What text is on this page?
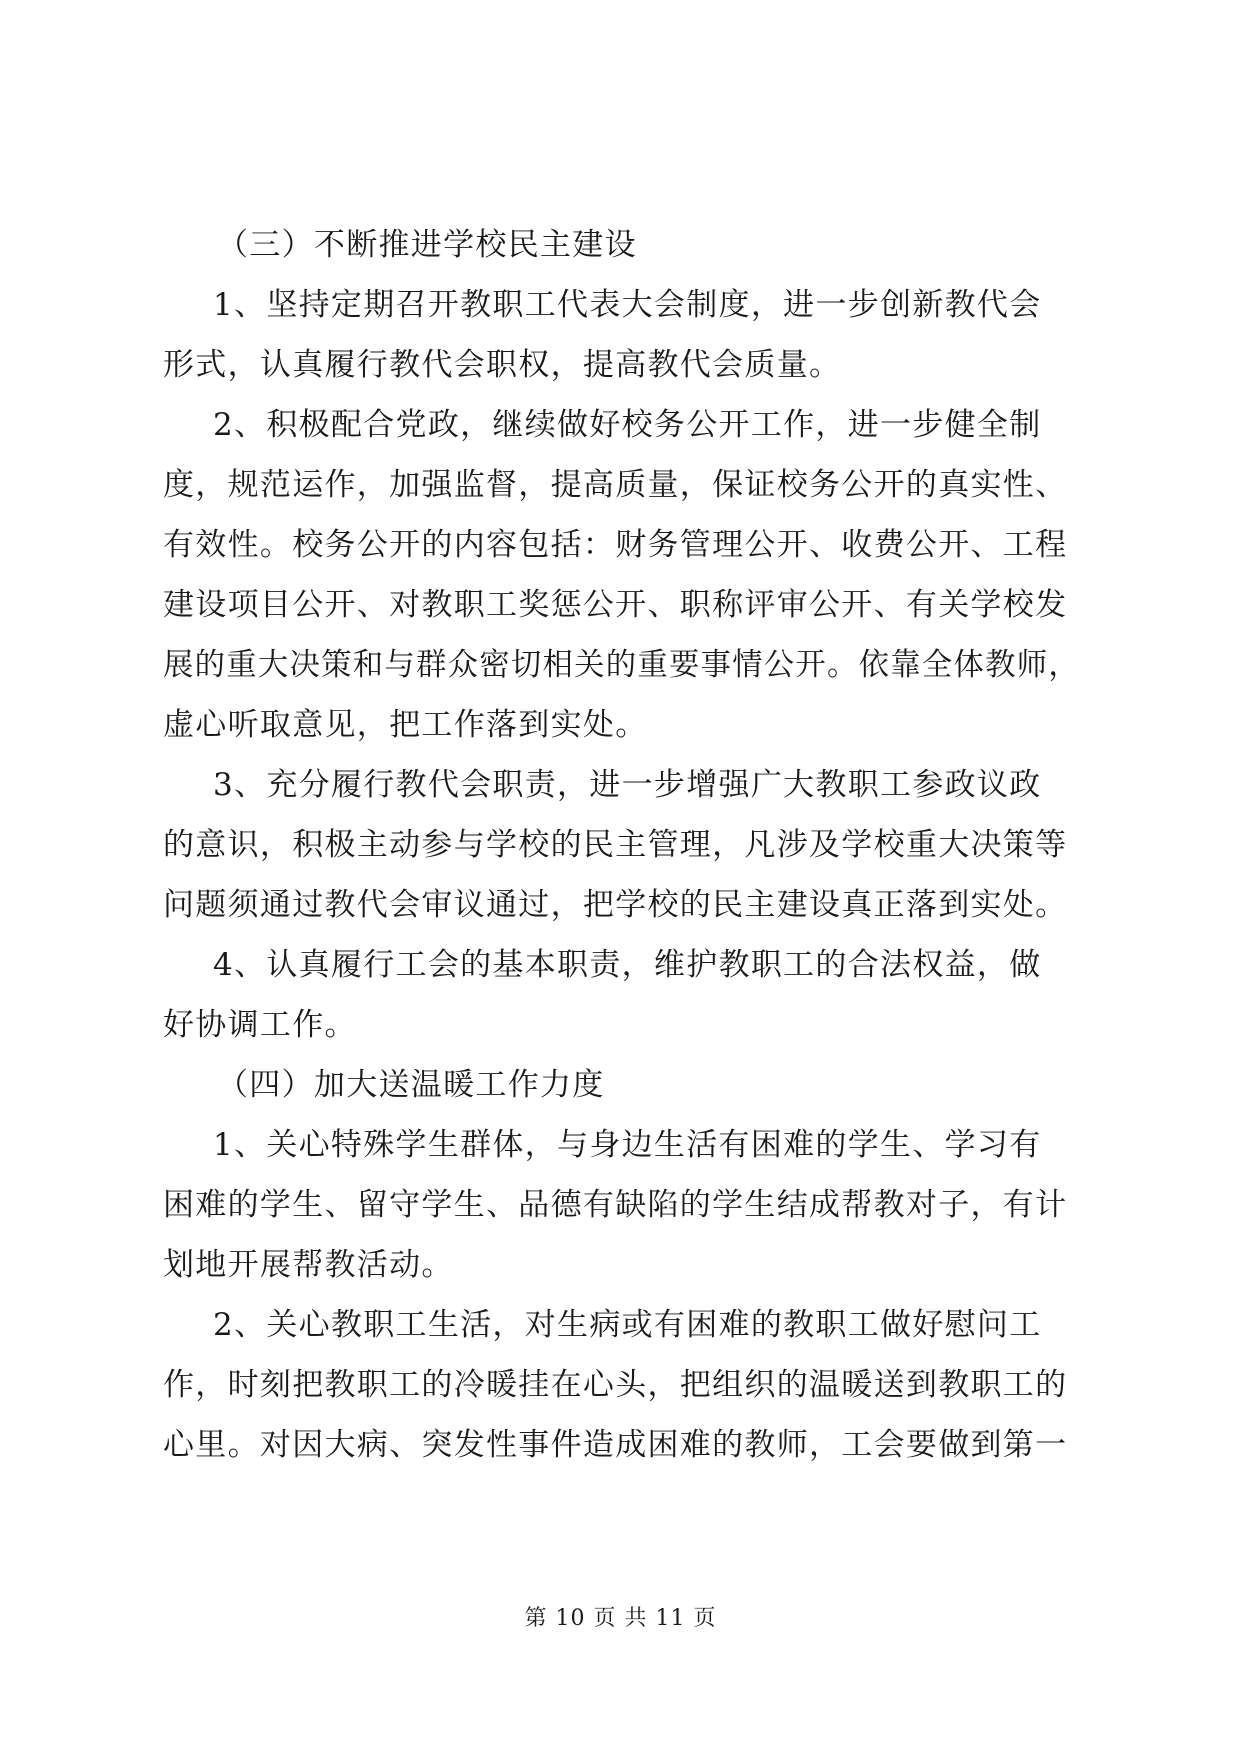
（三）不断推进学校民主建设
1、坚持定期召开教职工代表大会制度，进一步创新教代会
形式，认真履行教代会职权，提高教代会质量。
2、积极配合党政，继续做好校务公开工作，进一步健全制
度，规范运作，加强监督，提高质量，保证校务公开的真实性、
有效性。校务公开的内容包括：财务管理公开、收费公开、工程
建设项目公开、对教职工奖惩公开、职称评审公开、有关学校发
展的重大决策和与群众密切相关的重要事情公开。依靠全体教师，
虚心听取意见，把工作落到实处。
3、充分履行教代会职责，进一步增强广大教职工参政议政
的意识，积极主动参与学校的民主管理，凡涉及学校重大决策等
问题须通过教代会审议通过，把学校的民主建设真正落到实处。
4、认真履行工会的基本职责，维护教职工的合法权益，做
好协调工作。
（四）加大送温暖工作力度
1、关心特殊学生群体，与身边生活有困难的学生、学习有
困难的学生、留守学生、品德有缺陷的学生结成帮教对子，有计
划地开展帮教活动。
2、关心教职工生活，对生病或有困难的教职工做好慰问工
作，时刻把教职工的冷暖挂在心头，把组织的温暖送到教职工的
心里。对因大病、突发性事件造成困难的教师，工会要做到第一
第 10 页 共 11 页
